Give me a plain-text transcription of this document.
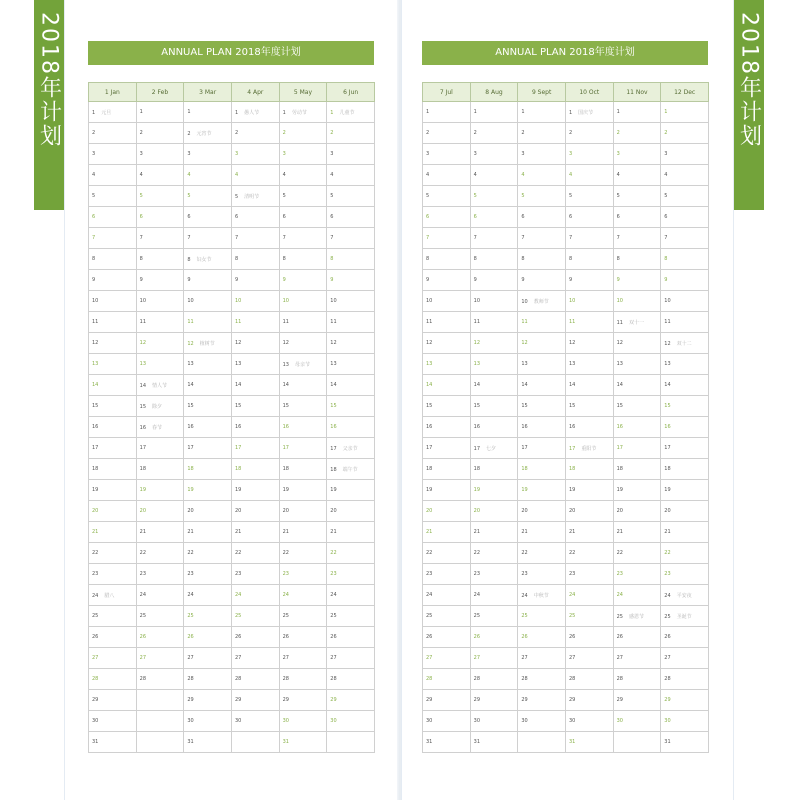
2018年计划	2018年计划
ANNUAL PLAN 2018年度计划	ANNUAL PLAN 2018年度计划
1 Jan	2 Feb	3 Mar	4 Apr	5 May	6 Jun
1 元旦	1	1	1 愚人节	1 劳动节	1 儿童节
2	2	2 元宵节	2	2	2
3	3	3	3	3	3
4	4	4	4	4	4
5	5	5	5 清明节	5	5
6	6	6	6	6	6
7	7	7	7	7	7
8	8	8 妇女节	8	8	8
9	9	9	9	9	9
10	10	10	10	10	10
11	11	11	11	11	11
12	12	12 植树节	12	12	12
13	13	13	13	13 母亲节	13
14	14 情人节	14	14	14	14
15	15 除夕	15	15	15	15
16	16 春节	16	16	16	16
17	17	17	17	17	17 父亲节
18	18	18	18	18	18 端午节
19	19	19	19	19	19
20	20	20	20	20	20
21	21	21	21	21	21
22	22	22	22	22	22
23	23	23	23	23	23
24 腊八	24	24	24	24	24
25	25	25	25	25	25
26	26	26	26	26	26
27	27	27	27	27	27
28	28	28	28	28	28
29		29	29	29	29
30		30	30	30	30
31		31		31	
7 Jul	8 Aug	9 Sept	10 Oct	11 Nov	12 Dec
1	1	1	1 国庆节	1	1
2	2	2	2	2	2
3	3	3	3	3	3
4	4	4	4	4	4
5	5	5	5	5	5
6	6	6	6	6	6
7	7	7	7	7	7
8	8	8	8	8	8
9	9	9	9	9	9
10	10	10 教师节	10	10	10
11	11	11	11	11 双十一	11
12	12	12	12	12	12 双十二
13	13	13	13	13	13
14	14	14	14	14	14
15	15	15	15	15	15
16	16	16	16	16	16
17	17 七夕	17	17 重阳节	17	17
18	18	18	18	18	18
19	19	19	19	19	19
20	20	20	20	20	20
21	21	21	21	21	21
22	22	22	22	22	22
23	23	23	23	23	23
24	24	24 中秋节	24	24	24 平安夜
25	25	25	25	25 感恩节	25 圣诞节
26	26	26	26	26	26
27	27	27	27	27	27
28	28	28	28	28	28
29	29	29	29	29	29
30	30	30	30	30	30
31	31		31		31
